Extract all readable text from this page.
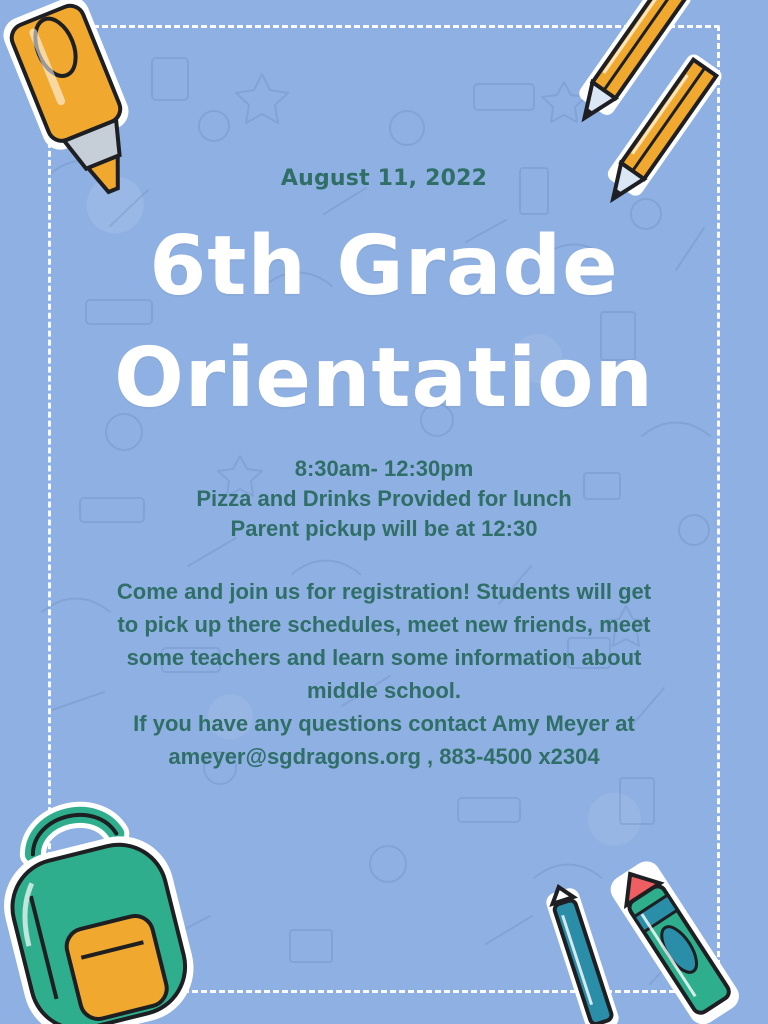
August 11, 2022
6th Grade
Orientation
8:30am- 12:30pm
Pizza and Drinks Provided for lunch
Parent pickup will be at 12:30
Come and join us for registration! Students will get
to pick up there schedules, meet new friends, meet
some teachers and learn some information about
middle school.
If you have any questions contact Amy Meyer at
ameyer@sgdragons.org , 883-4500 x2304
